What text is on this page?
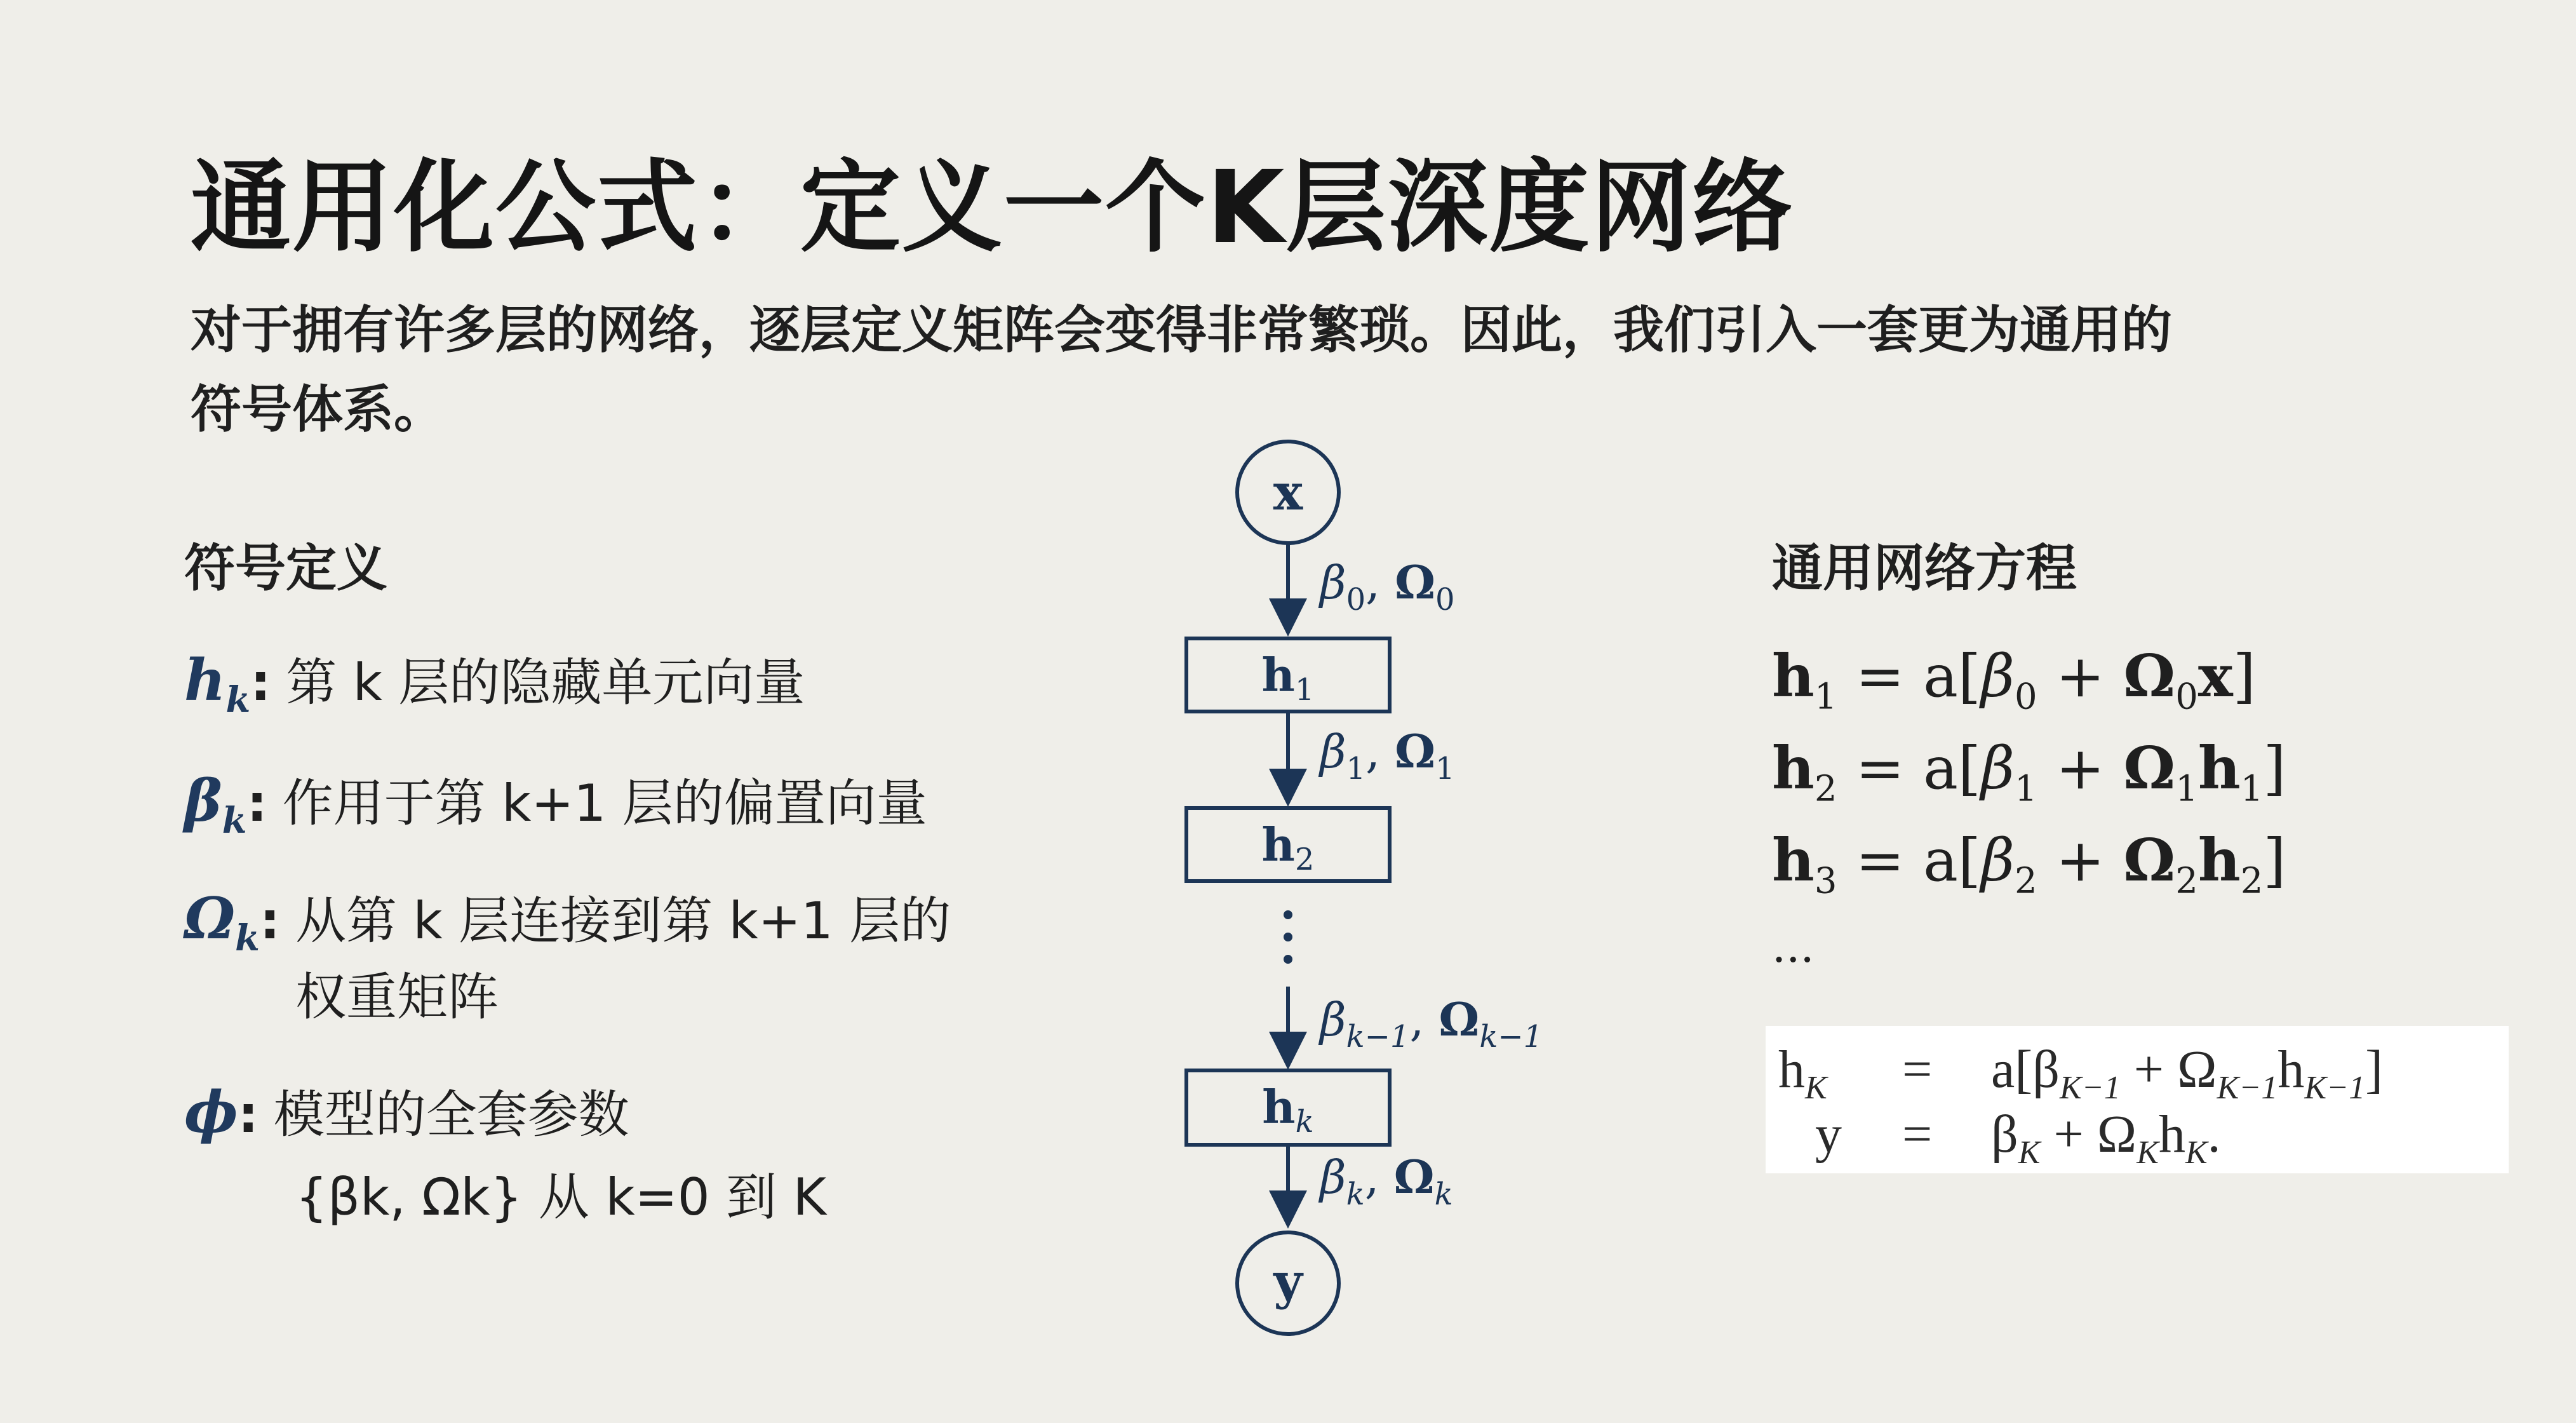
通用化公式：定义一个K层深度网络
对于拥有许多层的网络，逐层定义矩阵会变得非常繁琐。因此，我们引入一套更为通用的
符号体系。
符号定义
$h_k$: 第 k 层的隐藏单元向量
$\beta_k$: 作用于第 k+1 层的偏置向量
$\Omega_k$: 从第 k 层连接到第 k+1 层的
权重矩阵
ϕ: 模型的全套参数
{βk, Ωk} 从 k=0 到 K
x
$\beta_0$, $\Omega_0$
h1
$\beta_1$, $\Omega_1$
h2
$\beta_{k-1}$, $\Omega_{k-1}$
hk
$\beta_k$, $\Omega_k$
y
通用网络方程
$h_1 = a[\beta_0 + \Omega_0x]$
$h_2 = a[\beta_1 + \Omega_1h_1]$
$h_3 = a[\beta_2 + \Omega_2h_2]$
···
$h_K = a[\beta_{K-1} + \Omega_{K-1}h_{K-1}]$
$y = \beta_K + \Omega_Kh_K$.
